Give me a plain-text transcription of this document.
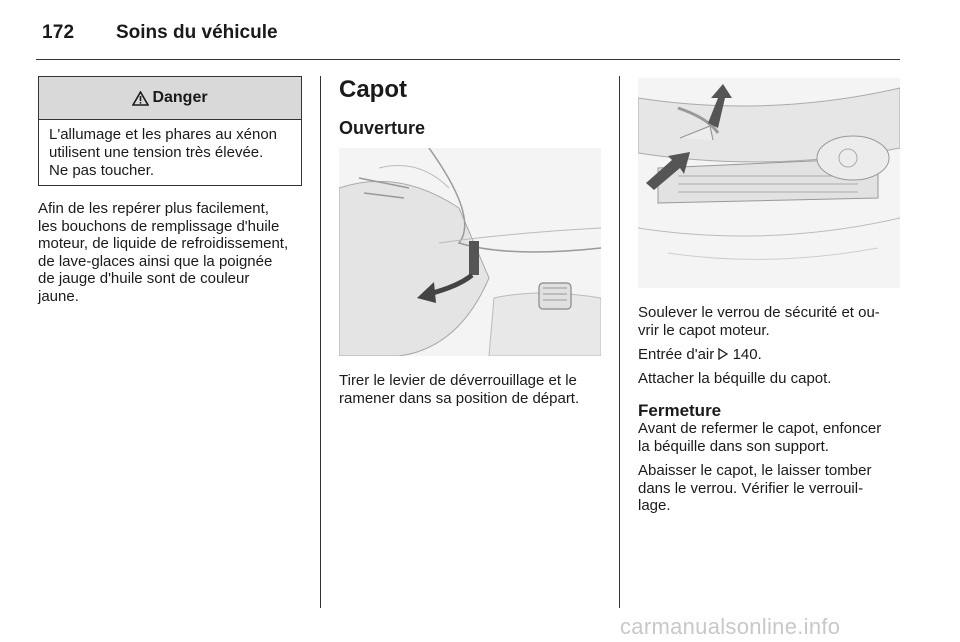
172 Soins du véhicule
Danger
L'allumage et les phares au xénon
utilisent une tension très élevée.
Ne pas toucher.
Afin de les repérer plus facilement,
les bouchons de remplissage d'huile
moteur, de liquide de refroidissement,
de lave-glaces ainsi que la poignée
de jauge d'huile sont de couleur
jaune.
Capot
Ouverture
Tirer le levier de déverrouillage et le
ramener dans sa position de départ.
Soulever le verrou de sécurité et ou-
vrir le capot moteur.
Entrée d'air  140.
Attacher la béquille du capot.
Fermeture
Avant de refermer le capot, enfoncer
la béquille dans son support.
Abaisser le capot, le laisser tomber
dans le verrou. Vérifier le verrouil-
lage.
carmanualsonline.info
